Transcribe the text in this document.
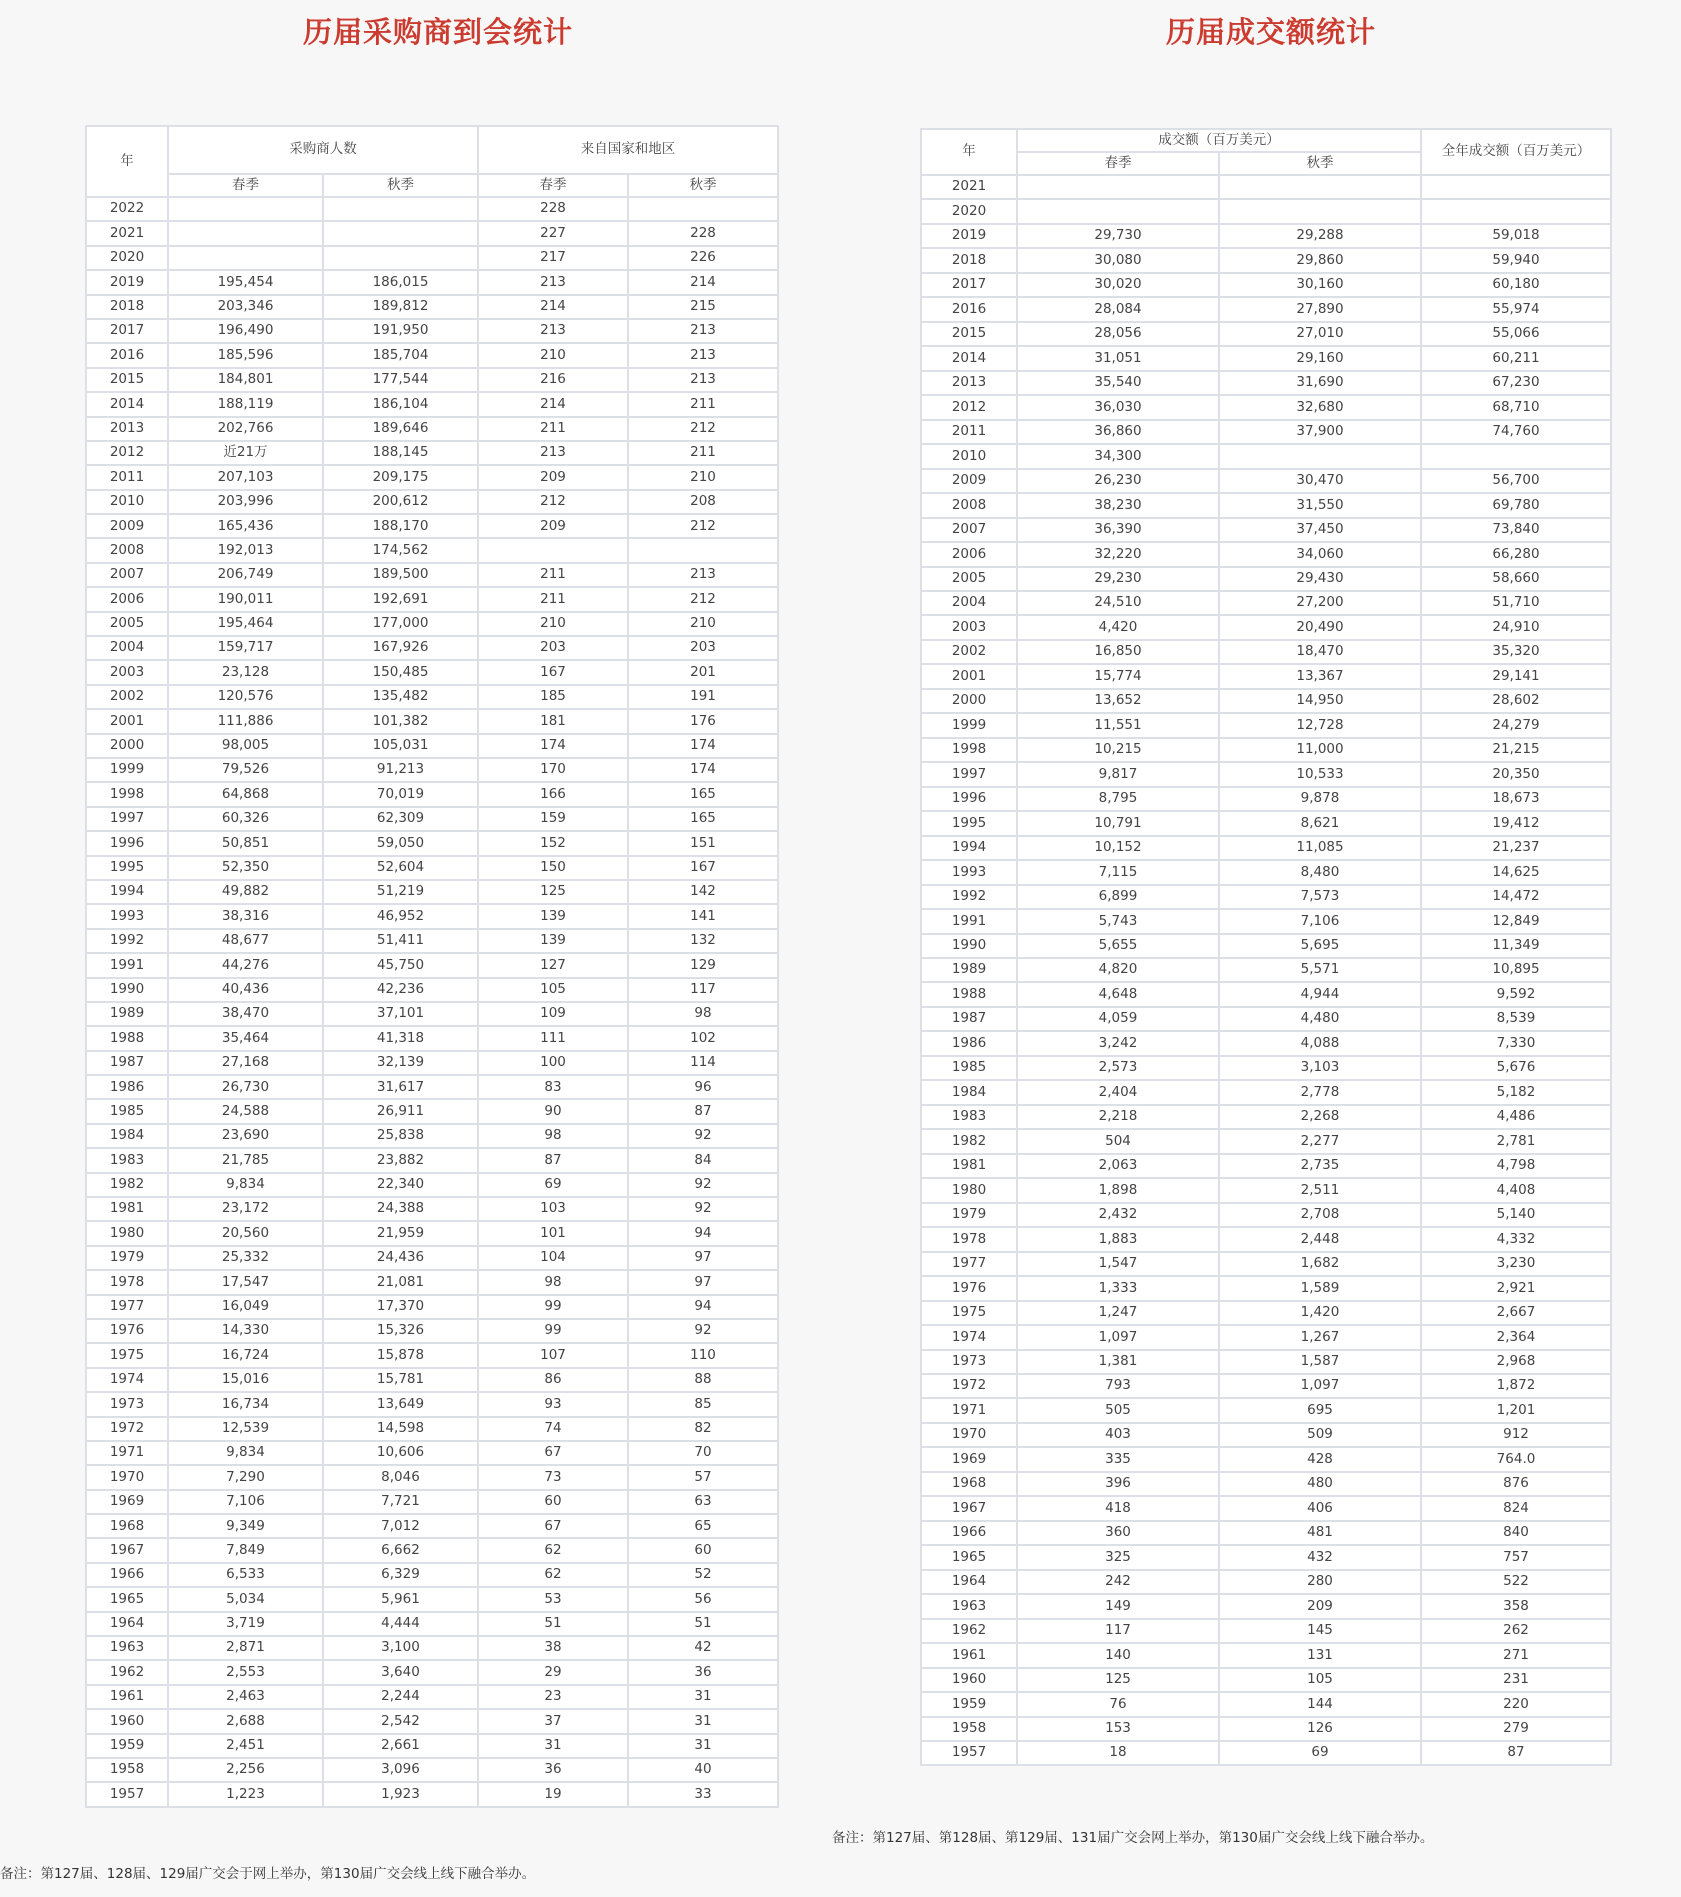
历届采购商到会统计	历届成交额统计
年	采购商人数		来自国家和地区	
	春季	秋季	春季	秋季
2022			228	
2021			227	228
2020			217	226
2019	195,454	186,015	213	214
2018	203,346	189,812	214	215
2017	196,490	191,950	213	213
2016	185,596	185,704	210	213
2015	184,801	177,544	216	213
2014	188,119	186,104	214	211
2013	202,766	189,646	211	212
2012	近21万	188,145	213	211
2011	207,103	209,175	209	210
2010	203,996	200,612	212	208
2009	165,436	188,170	209	212
2008	192,013	174,562		
2007	206,749	189,500	211	213
2006	190,011	192,691	211	212
2005	195,464	177,000	210	210
2004	159,717	167,926	203	203
2003	23,128	150,485	167	201
2002	120,576	135,482	185	191
2001	111,886	101,382	181	176
2000	98,005	105,031	174	174
1999	79,526	91,213	170	174
1998	64,868	70,019	166	165
1997	60,326	62,309	159	165
1996	50,851	59,050	152	151
1995	52,350	52,604	150	167
1994	49,882	51,219	125	142
1993	38,316	46,952	139	141
1992	48,677	51,411	139	132
1991	44,276	45,750	127	129
1990	40,436	42,236	105	117
1989	38,470	37,101	109	98
1988	35,464	41,318	111	102
1987	27,168	32,139	100	114
1986	26,730	31,617	83	96
1985	24,588	26,911	90	87
1984	23,690	25,838	98	92
1983	21,785	23,882	87	84
1982	9,834	22,340	69	92
1981	23,172	24,388	103	92
1980	20,560	21,959	101	94
1979	25,332	24,436	104	97
1978	17,547	21,081	98	97
1977	16,049	17,370	99	94
1976	14,330	15,326	99	92
1975	16,724	15,878	107	110
1974	15,016	15,781	86	88
1973	16,734	13,649	93	85
1972	12,539	14,598	74	82
1971	9,834	10,606	67	70
1970	7,290	8,046	73	57
1969	7,106	7,721	60	63
1968	9,349	7,012	67	65
1967	7,849	6,662	62	60
1966	6,533	6,329	62	52
1965	5,034	5,961	53	56
1964	3,719	4,444	51	51
1963	2,871	3,100	38	42
1962	2,553	3,640	29	36
1961	2,463	2,244	23	31
1960	2,688	2,542	37	31
1959	2,451	2,661	31	31
1958	2,256	3,096	36	40
1957	1,223	1,923	19	33
年	成交额（百万美元）		全年成交额（百万美元）
	春季	秋季	
2021			
2020			
2019	29,730	29,288	59,018
2018	30,080	29,860	59,940
2017	30,020	30,160	60,180
2016	28,084	27,890	55,974
2015	28,056	27,010	55,066
2014	31,051	29,160	60,211
2013	35,540	31,690	67,230
2012	36,030	32,680	68,710
2011	36,860	37,900	74,760
2010	34,300		
2009	26,230	30,470	56,700
2008	38,230	31,550	69,780
2007	36,390	37,450	73,840
2006	32,220	34,060	66,280
2005	29,230	29,430	58,660
2004	24,510	27,200	51,710
2003	4,420	20,490	24,910
2002	16,850	18,470	35,320
2001	15,774	13,367	29,141
2000	13,652	14,950	28,602
1999	11,551	12,728	24,279
1998	10,215	11,000	21,215
1997	9,817	10,533	20,350
1996	8,795	9,878	18,673
1995	10,791	8,621	19,412
1994	10,152	11,085	21,237
1993	7,115	8,480	14,625
1992	6,899	7,573	14,472
1991	5,743	7,106	12,849
1990	5,655	5,695	11,349
1989	4,820	5,571	10,895
1988	4,648	4,944	9,592
1987	4,059	4,480	8,539
1986	3,242	4,088	7,330
1985	2,573	3,103	5,676
1984	2,404	2,778	5,182
1983	2,218	2,268	4,486
1982	504	2,277	2,781
1981	2,063	2,735	4,798
1980	1,898	2,511	4,408
1979	2,432	2,708	5,140
1978	1,883	2,448	4,332
1977	1,547	1,682	3,230
1976	1,333	1,589	2,921
1975	1,247	1,420	2,667
1974	1,097	1,267	2,364
1973	1,381	1,587	2,968
1972	793	1,097	1,872
1971	505	695	1,201
1970	403	509	912
1969	335	428	764.0
1968	396	480	876
1967	418	406	824
1966	360	481	840
1965	325	432	757
1964	242	280	522
1963	149	209	358
1962	117	145	262
1961	140	131	271
1960	125	105	231
1959	76	144	220
1958	153	126	279
1957	18	69	87

备注：第127届、128届、129届广交会于网上举办，第130届广交会线上线下融合举办。

备注：第127届、第128届、第129届、131届广交会网上举办，第130届广交会线上线下融合举办。
